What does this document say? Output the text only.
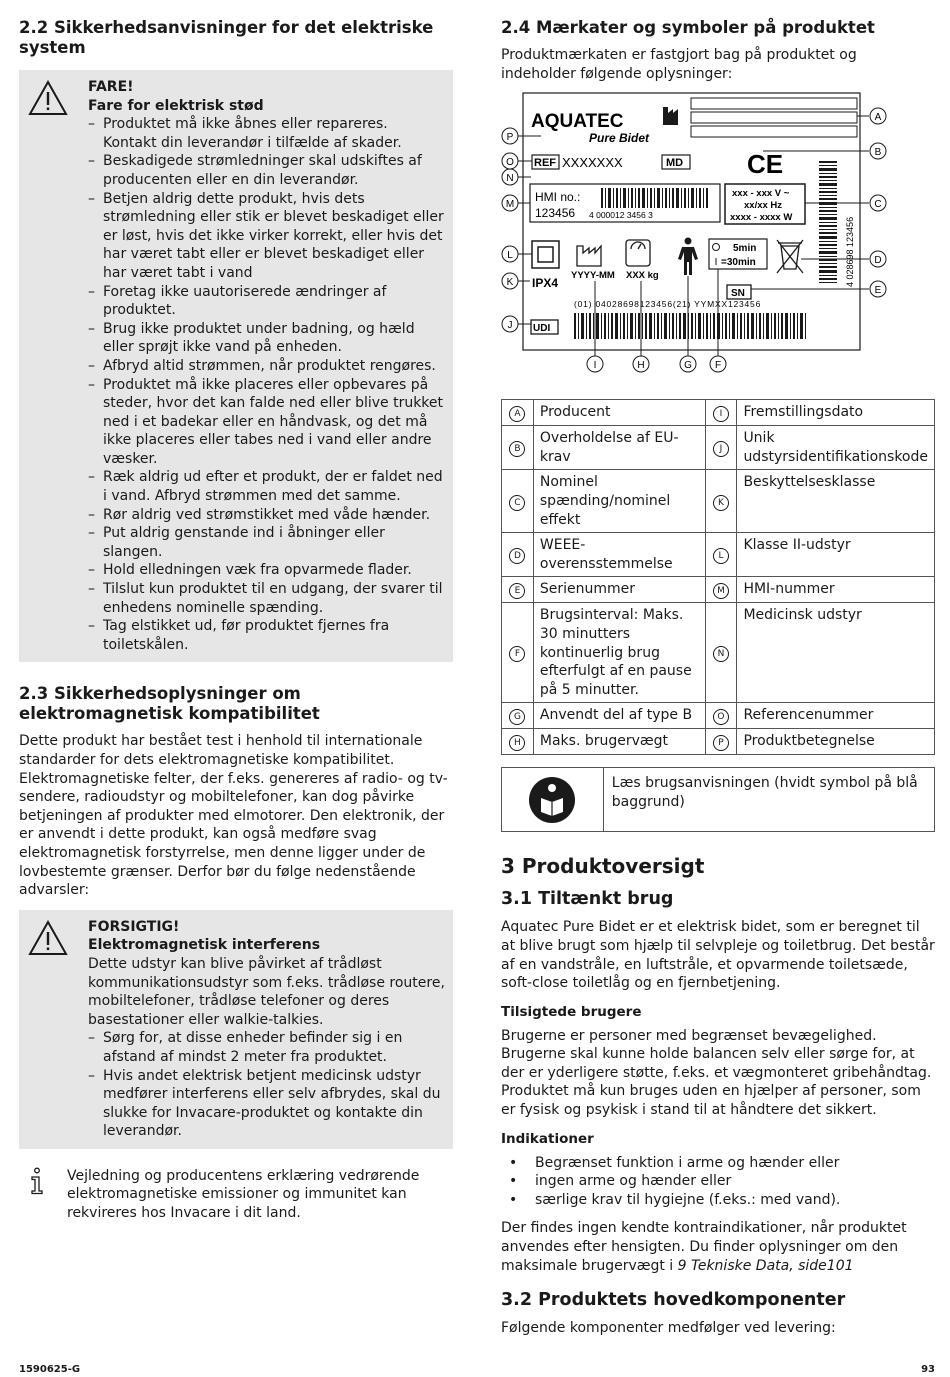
2.2 Sikkerhedsanvisninger for det elektriske system
FARE!
Fare for elektrisk stød
– Produktet må ikke åbnes eller repareres. Kontakt din leverandør i tilfælde af skader.
– Beskadigede strømledninger skal udskiftes af producenten eller en din leverandør.
– Betjen aldrig dette produkt, hvis dets strømledning eller stik er blevet beskadiget eller er løst, hvis det ikke virker korrekt, eller hvis det har været tabt eller er blevet beskadiget eller har været tabt i vand
– Foretag ikke uautoriserede ændringer af produktet.
– Brug ikke produktet under badning, og hæld eller sprøjt ikke vand på enheden.
– Afbryd altid strømmen, når produktet rengøres.
– Produktet må ikke placeres eller opbevares på steder, hvor det kan falde ned eller blive trukket ned i et badekar eller en håndvask, og det må ikke placeres eller tabes ned i vand eller andre væsker.
– Ræk aldrig ud efter et produkt, der er faldet ned i vand. Afbryd strømmen med det samme.
– Rør aldrig ved strømstikket med våde hænder.
– Put aldrig genstande ind i åbninger eller slangen.
– Hold elledningen væk fra opvarmede flader.
– Tilslut kun produktet til en udgang, der svarer til enhedens nominelle spænding.
– Tag elstikket ud, før produktet fjernes fra toiletskålen.
2.3 Sikkerhedsoplysninger om elektromagnetisk kompatibilitet

Dette produkt har bestået test i henhold til internationale standarder for dets elektromagnetiske kompatibilitet. Elektromagnetiske felter, der f.eks. genereres af radio- og tv-sendere, radioudstyr og mobiltelefoner, kan dog påvirke betjeningen af produkter med elmotorer. Den elektronik, der er anvendt i dette produkt, kan også medføre svag elektromagnetisk forstyrrelse, men denne ligger under de lovbestemte grænser. Derfor bør du følge nedenstående advarsler:

FORSIGTIG!
Elektromagnetisk interferens

Dette udstyr kan blive påvirket af trådløst kommunikationsudstyr som f.eks. trådløse routere, mobiltelefoner, trådløse telefoner og deres basestationer eller walkie-talkies.

– Sørg for, at disse enheder befinder sig i en afstand af mindst 2 meter fra produktet.
– Hvis andet elektrisk betjent medicinsk udstyr medfører interferens eller selv afbrydes, skal du slukke for Invacare-produktet og kontakte din leverandør.

Vejledning og producentens erklæring vedrørende elektromagnetiske emissioner og immunitet kan rekvireres hos Invacare i dit land.

2.4 Mærkater og symboler på produktet

Produktmærkaten er fastgjort bag på produktet og indeholder følgende oplysninger:

AQUATEC
Pure Bidet
REF XXXXXXX	MD CE
HMI no.:
123456 4 000012 3456 3
xxx - xxx V ~
xx/xx Hz
xxxx - xxxx W	4 028698 123456
YYYY-MM XXX kg
5min
=30min
IPX4
SN
(01) 04028698123456(21) YYMXX123456
UDI
A
B
C
D
E
F
G
H
I
J
K
L
M
N
O
P
A	Producent	I	Fremstillingsdato
B	Overholdelse af EU-krav	J	Unik udstyrsidentifikationskode
C	Nominel spænding/nominel effekt	K	Beskyttelsesklasse
D	WEEE-overensstemmelse	L	Klasse II-udstyr
E	Serienummer	M	HMI-nummer
F	Brugsinterval: Maks. 30 minutters kontinuerlig brug efterfulgt af en pause på 5 minutter.	N	Medicinsk udstyr
G	Anvendt del af type B	O	Referencenummer
H	Maks. brugervægt	P	Produktbetegnelse
Læs brugsanvisningen (hvidt symbol på blå baggrund)
3 Produktoversigt
3.1 Tiltænkt brug

Aquatec Pure Bidet er et elektrisk bidet, som er beregnet til at blive brugt som hjælp til selvpleje og toiletbrug. Det består af en vandstråle, en luftstråle, et opvarmende toiletsæde, soft-close toiletlåg og en fjernbetjening.

Tilsigtede brugere

Brugerne er personer med begrænset bevægelighed. Brugerne skal kunne holde balancen selv eller sørge for, at der er yderligere støtte, f.eks. et vægmonteret gribehåndtag. Produktet må kun bruges uden en hjælper af personer, som er fysisk og psykisk i stand til at håndtere det sikkert.

Indikationer
• Begrænset funktion i arme og hænder eller
• ingen arme og hænder eller
• særlige krav til hygiejne (f.eks.: med vand).

Der findes ingen kendte kontraindikationer, når produktet anvendes efter hensigten. Du finder oplysninger om den maksimale brugervægt i 9 Tekniske Data, side101

3.2 Produktets hovedkomponenter

Følgende komponenter medfølger ved levering:

1590625-G	93
